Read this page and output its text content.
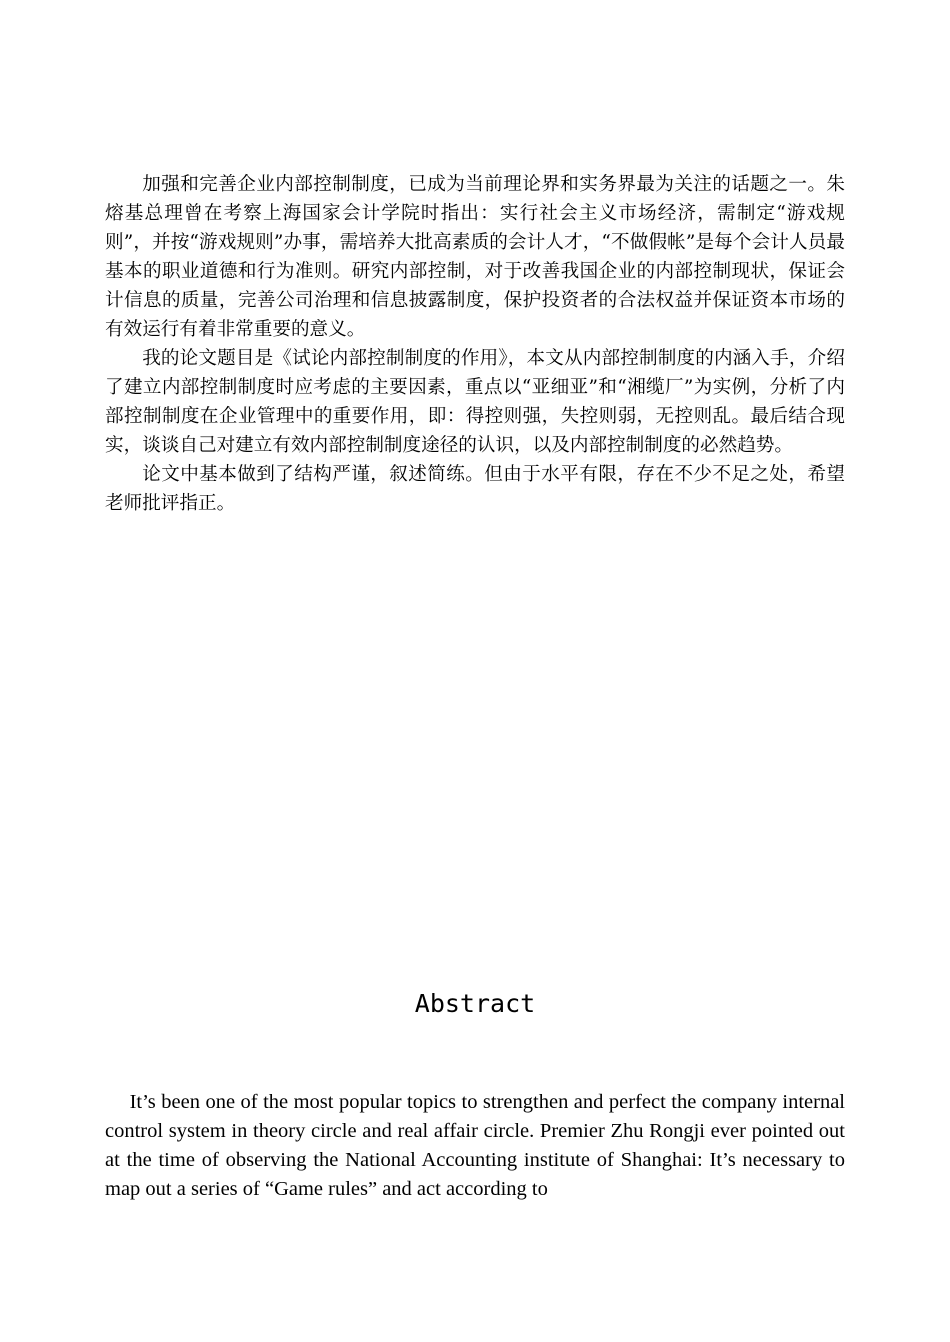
加强和完善企业内部控制制度，已成为当前理论界和实务界最为关注的话题之一。朱熔基总理曾在考察上海国家会计学院时指出：实行社会主义市场经济，需制定“游戏规则”，并按“游戏规则”办事，需培养大批高素质的会计人才，“不做假帐”是每个会计人员最基本的职业道德和行为准则。研究内部控制，对于改善我国企业的内部控制现状，保证会计信息的质量，完善公司治理和信息披露制度，保护投资者的合法权益并保证资本市场的有效运行有着非常重要的意义。

我的论文题目是《试论内部控制制度的作用》，本文从内部控制制度的内涵入手，介绍了建立内部控制制度时应考虑的主要因素，重点以“亚细亚”和“湘缆厂”为实例，分析了内部控制制度在企业管理中的重要作用，即：得控则强，失控则弱，无控则乱。最后结合现实，谈谈自己对建立有效内部控制制度途径的认识，以及内部控制制度的必然趋势。

论文中基本做到了结构严谨，叙述简练。但由于水平有限，存在不少不足之处，希望老师批评指正。

Abstract

It’s been one of the most popular topics to strengthen and perfect the company internal control system in theory circle and real affair circle. Premier Zhu Rongji ever pointed out at the time of observing the National Accounting institute of Shanghai: It’s necessary to map out a series of “Game rules” and act according to
